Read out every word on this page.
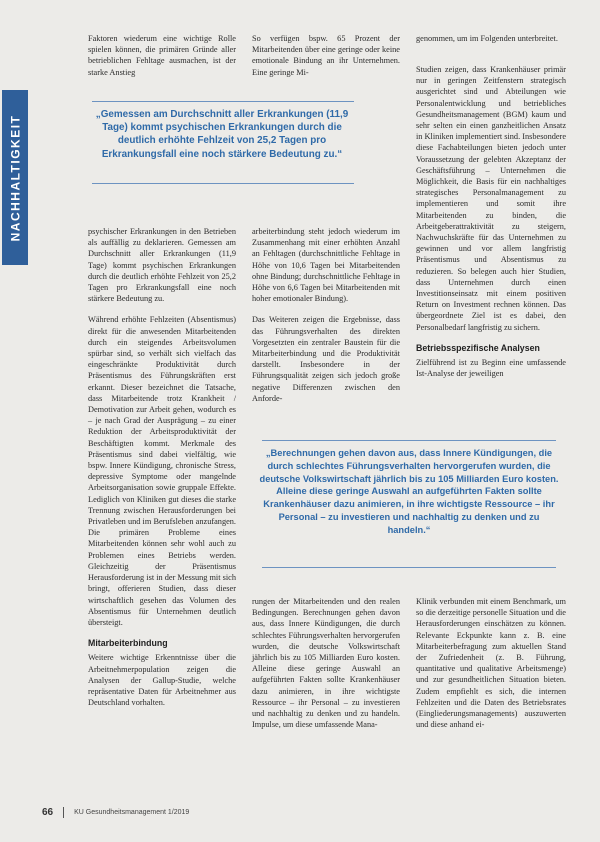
NACHHALTIGKEIT

Faktoren wiederum eine wichtige Rolle spielen können, die primären Gründe aller betrieblichen Fehltage ausmachen, ist der starke Anstieg

So verfügen bspw. 65 Prozent der Mitarbeitenden über eine geringe oder keine emotionale Bindung an ihr Unternehmen. Eine geringe Mi-

genommen, um im Folgenden unterbreitet.

„Gemessen am Durchschnitt aller Erkrankungen (11,9 Tage) kommt psychischen Erkrankungen durch die deutlich erhöhte Fehlzeit von 25,2 Tagen pro Erkrankungsfall eine noch stärkere Bedeutung zu.“

psychischer Erkrankungen in den Betrieben als auffällig zu deklarieren. Gemessen am Durchschnitt aller Erkrankungen (11,9 Tage) kommt psychischen Erkrankungen durch die deutlich erhöhte Fehlzeit von 25,2 Tagen pro Erkrankungsfall eine noch stärkere Bedeutung zu.

Während erhöhte Fehlzeiten (Absentismus) direkt für die anwesenden Mitarbeitenden durch ein steigendes Arbeitsvolumen spürbar sind, so verhält sich vielfach das eingeschränkte Produktivität durch Präsentismus des Führungskräften erst erkannt. Dieser bezeichnet die Tatsache, dass Mitarbeitende trotz Krankheit / Demotivation zur Arbeit gehen, wodurch es – je nach Grad der Ausprägung – zu einer Reduktion der Arbeitsproduktivität der Beschäftigten kommt. Merkmale des Präsentismus sind dabei vielfältig, wie bspw. Innere Kündigung, chronische Stress, depressive Symptome oder mangelnde Arbeitsorganisation sowie gruppale Effekte. Lediglich von Kliniken gut dieses die starke Trennung zwischen Herausforderungen bei Privatleben und im Berufsleben anzufangen. Die primären Probleme eines Mitarbeitenden können sehr wohl auch zu Problemen eines Betriebs werden. Gleichzeitig der Präsentismus Herausforderung ist in der Messung mit sich bringt, offerieren Studien, dass dieser wirtschaftlich gesehen das Volumen des Absentismus für Unternehmen deutlich übersteigt.

Mitarbeiterbindung

Weitere wichtige Erkenntnisse über die Arbeitnehmerpopulation zeigen die Analysen der Gallup-Studie, welche repräsentative Daten für Arbeitnehmer aus Deutschland vorhalten.

arbeiterbindung steht jedoch wiederum im Zusammenhang mit einer erhöhten Anzahl an Fehltagen (durchschnittliche Fehltage in Höhe von 10,6 Tagen bei Mitarbeitenden ohne Bindung; durchschnittliche Fehltage in Höhe von 6,6 Tagen bei Mitarbeitenden mit hoher emotionaler Bindung).

Das Weiteren zeigen die Ergebnisse, dass das Führungsverhalten des direkten Vorgesetzten ein zentraler Baustein für die Mitarbeiterbindung und die Produktivität darstellt. Insbesondere in der Führungsqualität zeigen sich jedoch große negative Differenzen zwischen den Anforde-

Studien zeigen, dass Krankenhäuser primär nur in geringen Zeitfenstern strategisch ausgerichtet sind und Abteilungen wie Personalentwicklung und betriebliches Gesundheitsmanagement (BGM) kaum und sehr selten ein einen ganzheitlichen Ansatz in Kliniken implementiert sind. Insbesondere diese Fachabteilungen bieten jedoch unter Voraussetzung der gelebten Akzeptanz der Geschäftsführung – Unternehmen die Möglichkeit, die Basis für ein nachhaltiges strategisches Personalmanagement zu implementieren und somit ihre Mitarbeitenden zu binden, die Arbeitgeberattraktivität zu steigern, Nachwuchskräfte für das Unternehmen zu gewinnen und vor allem langfristig Präsentismus und Absentismus zu reduzieren. So belegen auch hier Studien, dass Unternehmen durch einen Investitionseinsatz mit einem positiven Return on Investment rechnen können. Das übergeordnete Ziel ist es dabei, den Personalbedarf langfristig zu sichern.

Betriebsspezifische Analysen

Zielführend ist zu Beginn eine umfassende Ist-Analyse der jeweiligen

„Berechnungen gehen davon aus, dass Innere Kündigungen, die durch schlechtes Führungsverhalten hervorgerufen wurden, die deutsche Volkswirtschaft jährlich bis zu 105 Milliarden Euro kosten. Alleine diese geringe Auswahl an aufgeführten Fakten sollte Krankenhäuser dazu animieren, in ihre wichtigste Ressource – ihr Personal – zu investieren und nachhaltig zu denken und zu handeln.“

rungen der Mitarbeitenden und den realen Bedingungen. Berechnungen gehen davon aus, dass Innere Kündigungen, die durch schlechtes Führungsverhalten hervorgerufen wurden, die deutsche Volkswirtschaft jährlich bis zu 105 Milliarden Euro kosten. Alleine diese geringe Auswahl an aufgeführten Fakten sollte Krankenhäuser dazu animieren, in ihre wichtigste Ressource – ihr Personal – zu investieren und nachhaltig zu denken und zu handeln. Impulse, um diese umfassende Mana-

Klinik verbunden mit einem Benchmark, um so die derzeitige personelle Situation und die Herausforderungen einschätzen zu können. Relevante Eckpunkte kann z. B. eine Mitarbeiterbefragung zum aktuellen Stand der Zufriedenheit (z. B. Führung, quantitative und qualitative Arbeitsmenge) und zur gesundheitlichen Situation bieten. Zudem empfiehlt es sich, die internen Fehlzeiten und die Daten des Betriebsrates (Eingliederungsmanagements) auszuwerten und diese anhand ei-

66	KU Gesundheitsmanagement 1/2019
